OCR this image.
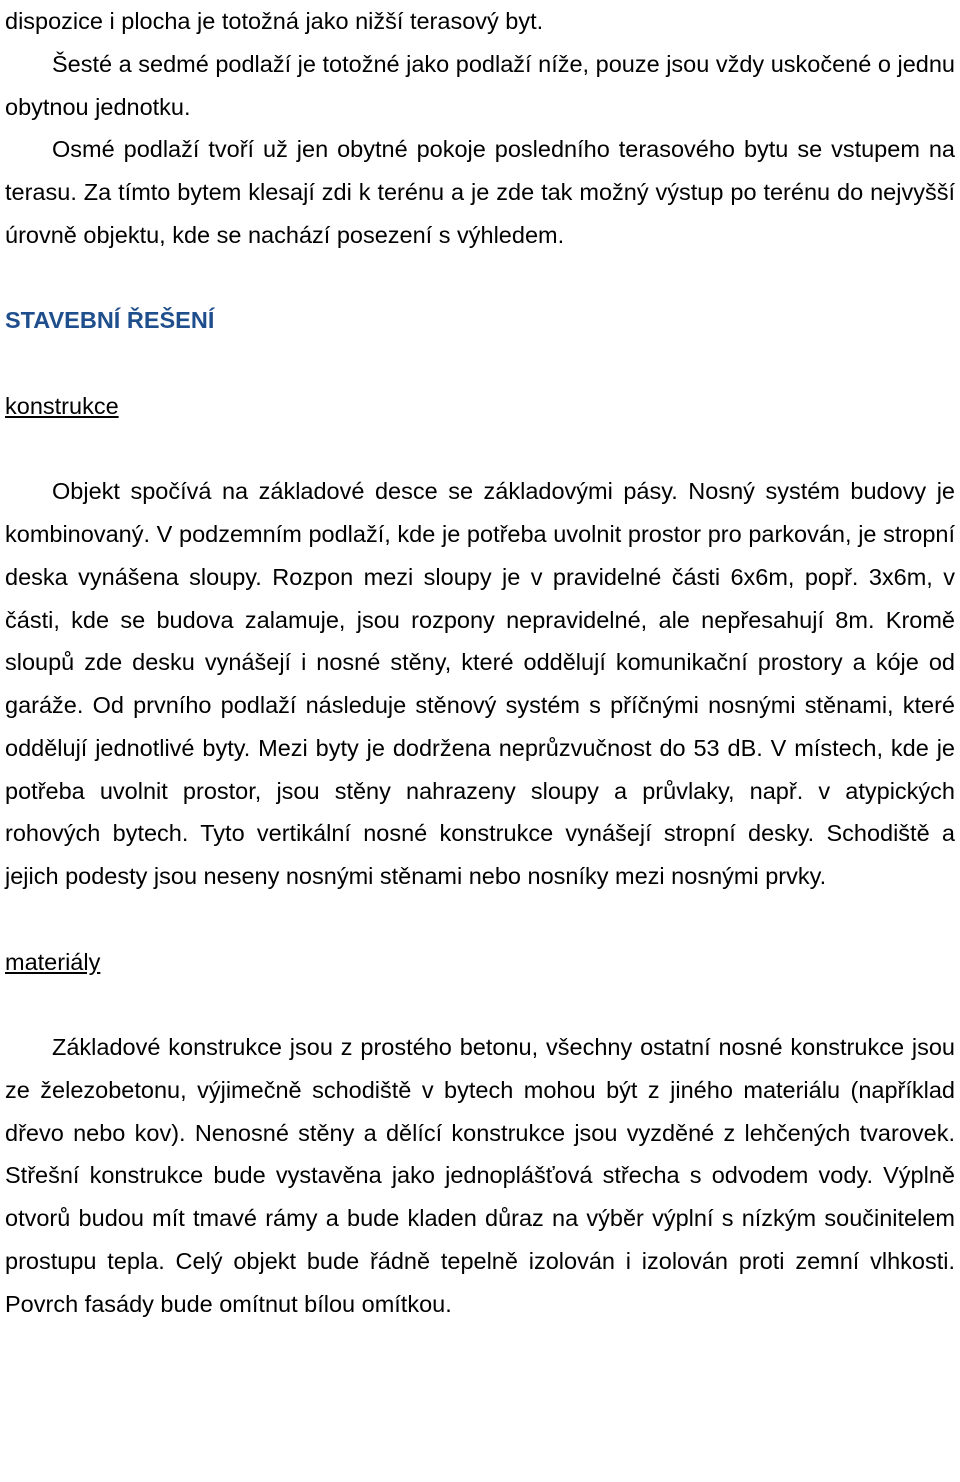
dispozice i plocha je totožná jako nižší terasový byt.

Šesté a sedmé podlaží je totožné jako podlaží níže, pouze jsou vždy uskočené o jednu obytnou jednotku.

Osmé podlaží tvoří už jen obytné pokoje posledního terasového bytu se vstupem na terasu. Za tímto bytem klesají zdi k terénu a je zde tak možný výstup po terénu do nejvyšší úrovně objektu, kde se nachází posezení s výhledem.

STAVEBNÍ ŘEŠENÍ

konstrukce

Objekt spočívá na základové desce se základovými pásy. Nosný systém budovy je kombinovaný. V podzemním podlaží, kde je potřeba uvolnit prostor pro parkován, je stropní deska vynášena sloupy. Rozpon mezi sloupy je v pravidelné části 6x6m, popř. 3x6m, v části, kde se budova zalamuje, jsou rozpony nepravidelné, ale nepřesahují 8m. Kromě sloupů zde desku vynášejí i nosné stěny, které oddělují komunikační prostory a kóje od garáže. Od prvního podlaží následuje stěnový systém s příčnými nosnými stěnami, které oddělují jednotlivé byty. Mezi byty je dodržena neprůzvučnost do 53 dB. V místech, kde je potřeba uvolnit prostor, jsou stěny nahrazeny sloupy a průvlaky, např. v atypických rohových bytech. Tyto vertikální nosné konstrukce vynášejí stropní desky. Schodiště a jejich podesty jsou neseny nosnými stěnami nebo nosníky mezi nosnými prvky.

materiály

Základové konstrukce jsou z prostého betonu, všechny ostatní nosné konstrukce jsou ze železobetonu, výjimečně schodiště v bytech mohou být z jiného materiálu (například dřevo nebo kov). Nenosné stěny a dělící konstrukce jsou vyzděné z lehčených tvarovek. Střešní konstrukce bude vystavěna jako jednoplášťová střecha s odvodem vody. Výplně otvorů budou mít tmavé rámy a bude kladen důraz na výběr výplní s nízkým součinitelem prostupu tepla. Celý objekt bude řádně tepelně izolován i izolován proti zemní vlhkosti. Povrch fasády bude omítnut bílou omítkou.
